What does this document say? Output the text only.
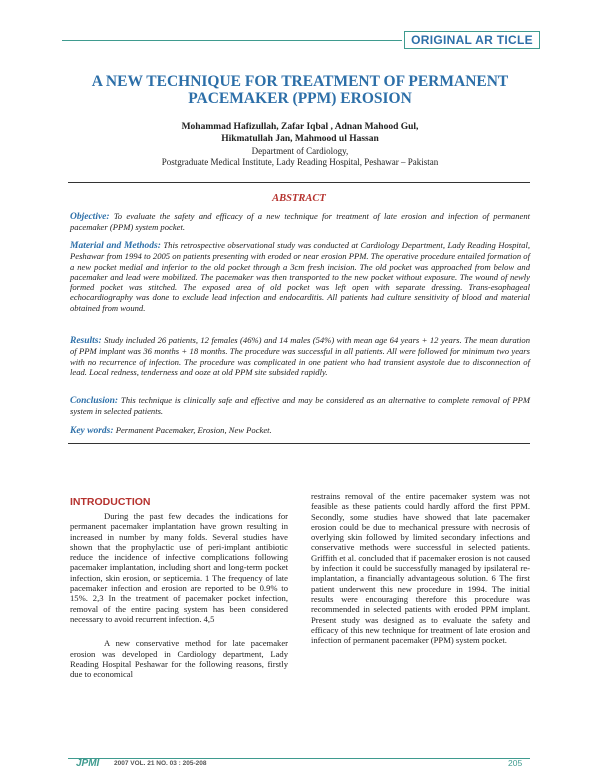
ORIGINAL AR TICLE
A NEW TECHNIQUE FOR TREATMENT OF PERMANENT
PACEMAKER (PPM) EROSION
Mohammad Hafizullah, Zafar Iqbal , Adnan Mahood Gul,
Hikmatullah Jan, Mahmood ul Hassan
Department of Cardiology,
Postgraduate Medical Institute, Lady Reading Hospital, Peshawar – Pakistan
ABSTRACT
Objective: To evaluate the safety and efficacy of a new technique for treatment of late erosion and infection of permanent pacemaker (PPM) system pocket.
Material and Methods: This retrospective observational study was conducted at Cardiology Department, Lady Reading Hospital, Peshawar from 1994 to 2005 on patients presenting with eroded or near erosion PPM. The operative procedure entailed formation of a new pocket medial and inferior to the old pocket through a 3cm fresh incision. The old pocket was approached from below and pacemaker and lead were mobilized. The pacemaker was then transported to the new pocket without exposure. The wound of newly formed pocket was stitched. The exposed area of old pocket was left open with separate dressing. Trans-esophageal echocardiography was done to exclude lead infection and endocarditis. All patients had culture sensitivity of blood and material obtained from wound.
Results: Study included 26 patients, 12 females (46%) and 14 males (54%) with mean age 64 years + 12 years. The mean duration of PPM implant was 36 months + 18 months. The procedure was successful in all patients. All were followed for minimum two years with no recurrence of infection. The procedure was complicated in one patient who had transient asystole due to disconnection of lead. Local redness, tenderness and ooze at old PPM site subsided rapidly.
Conclusion: This technique is clinically safe and effective and may be considered as an alternative to complete removal of PPM system in selected patients.
Key words: Permanent Pacemaker, Erosion, New Pocket.
INTRODUCTION

During the past few decades the indications for permanent pacemaker implantation have grown resulting in increased in number by many folds. Several studies have shown that the prophylactic use of peri-implant antibiotic reduce the incidence of infective complications following pacemaker implantation, including short and long-term pocket infection, skin erosion, or septicemia. 1 The frequency of late pacemaker infection and erosion are reported to be 0.9% to 15%. 2,3 In the treatment of pacemaker pocket infection, removal of the entire pacing system has been considered necessary to avoid recurrent infection. 4,5

A new conservative method for late pacemaker erosion was developed in Cardiology department, Lady Reading Hospital Peshawar for the following reasons, firstly due to economical

restrains removal of the entire pacemaker system was not feasible as these patients could hardly afford the first PPM. Secondly, some studies have showed that late pacemaker erosion could be due to mechanical pressure with necrosis of overlying skin followed by limited secondary infections and conservative methods were successful in selected patients. Griffith et al. concluded that if pacemaker erosion is not caused by infection it could be successfully managed by ipsilateral re-implantation, a financially advantageous solution. 6 The first patient underwent this new procedure in 1994. The initial results were encouraging therefore this procedure was recommended in selected patients with eroded PPM implant. Present study was designed as to evaluate the safety and efficacy of this new technique for treatment of late erosion and infection of permanent pacemaker (PPM) system pocket.

JPMI 2007 VOL. 21 NO. 03 : 205-208	205
